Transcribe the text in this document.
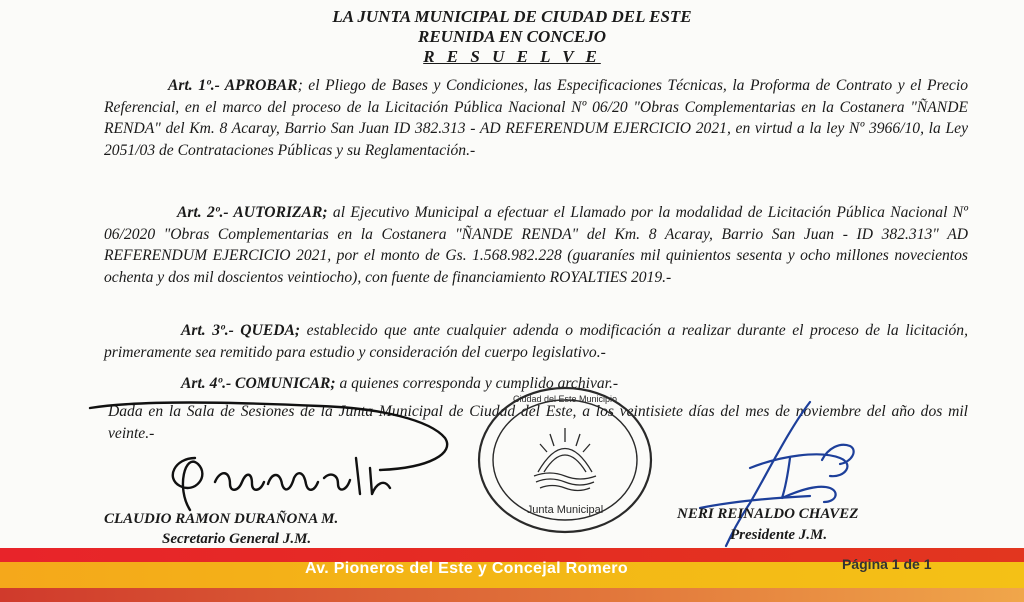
LA JUNTA MUNICIPAL DE CIUDAD DEL ESTE
REUNIDA EN CONCEJO
R E S U E L V E

Art. 1º.- APROBAR; el Pliego de Bases y Condiciones, las Especificaciones Técnicas, la Proforma de Contrato y el Precio Referencial, en el marco del proceso de la Licitación Pública Nacional Nº 06/20 "Obras Complementarias en la Costanera "ÑANDE RENDA" del Km. 8 Acaray, Barrio San Juan ID 382.313 - AD REFERENDUM EJERCICIO 2021, en virtud a la ley Nº 3966/10, la Ley 2051/03 de Contrataciones Públicas y su Reglamentación.-

Art. 2º.- AUTORIZAR; al Ejecutivo Municipal a efectuar el Llamado por la modalidad de Licitación Pública Nacional Nº 06/2020 "Obras Complementarias en la Costanera "ÑANDE RENDA" del Km. 8 Acaray, Barrio San Juan - ID 382.313" AD REFERENDUM EJERCICIO 2021, por el monto de Gs. 1.568.982.228 (guaraníes mil quinientos sesenta y ocho millones novecientos ochenta y dos mil doscientos veintiocho), con fuente de financiamiento ROYALTIES 2019.-

Art. 3º.- QUEDA; establecido que ante cualquier adenda o modificación a realizar durante el proceso de la licitación, primeramente sea remitido para estudio y consideración del cuerpo legislativo.-

Art. 4º.- COMUNICAR; a quienes corresponda y cumplido archivar.-

Dada en la Sala de Sesiones de la Junta Municipal de Ciudad del Este, a los veintisiete días del mes de noviembre del año dos mil veinte.-

Junta Municipal
Ciudad del Este Municipio
CLAUDIO RAMON DURAÑONA M.
Secretario General J.M.
NERI REINALDO CHAVEZ
Presidente J.M.
Av. Pioneros del Este y Concejal Romero	Página 1 de 1
